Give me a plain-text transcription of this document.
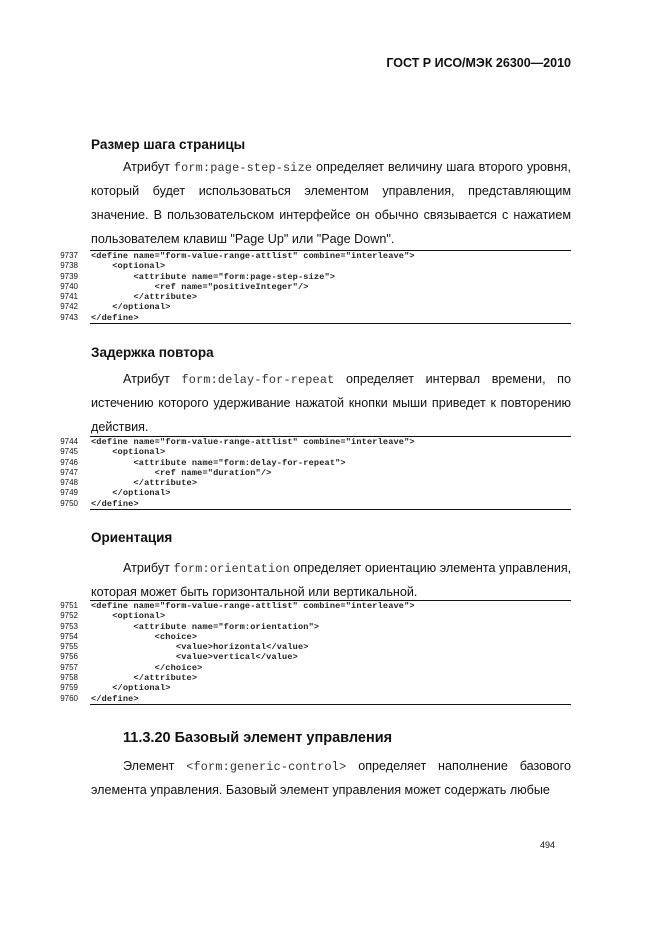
ГОСТ Р ИСО/МЭК 26300—2010
Размер шага страницы
Атрибут form:page-step-size определяет величину шага второго уровня,
который будет использоваться элементом управления, представляющим
значение. В пользовательском интерфейсе он обычно связывается с нажатием
пользователем клавиш "Page Up" или "Page Down".
9737 <define name="form-value-range-attlist" combine="interleave">
9738 <optional>
9739 <attribute name="form:page-step-size">
9740 <ref name="positiveInteger"/>
9741 </attribute>
9742 </optional>
9743 </define>
Задержка повтора
Атрибут form:delay-for-repeat определяет интервал времени, по
истечению которого удерживание нажатой кнопки мыши приведет к повторению
действия.
9744 <define name="form-value-range-attlist" combine="interleave">
9745 <optional>
9746 <attribute name="form:delay-for-repeat">
9747 <ref name="duration"/>
9748 </attribute>
9749 </optional>
9750 </define>
Ориентация
Атрибут form:orientation определяет ориентацию элемента управления,
которая может быть горизонтальной или вертикальной.
9751 <define name="form-value-range-attlist" combine="interleave">
9752 <optional>
9753 <attribute name="form:orientation">
9754 <choice>
9755 <value>horizontal</value>
9756 <value>vertical</value>
9757 </choice>
9758 </attribute>
9759 </optional>
9760 </define>
11.3.20 Базовый элемент управления
Элемент <form:generic-control> определяет наполнение базового
элемента управления. Базовый элемент управления может содержать любые
494
